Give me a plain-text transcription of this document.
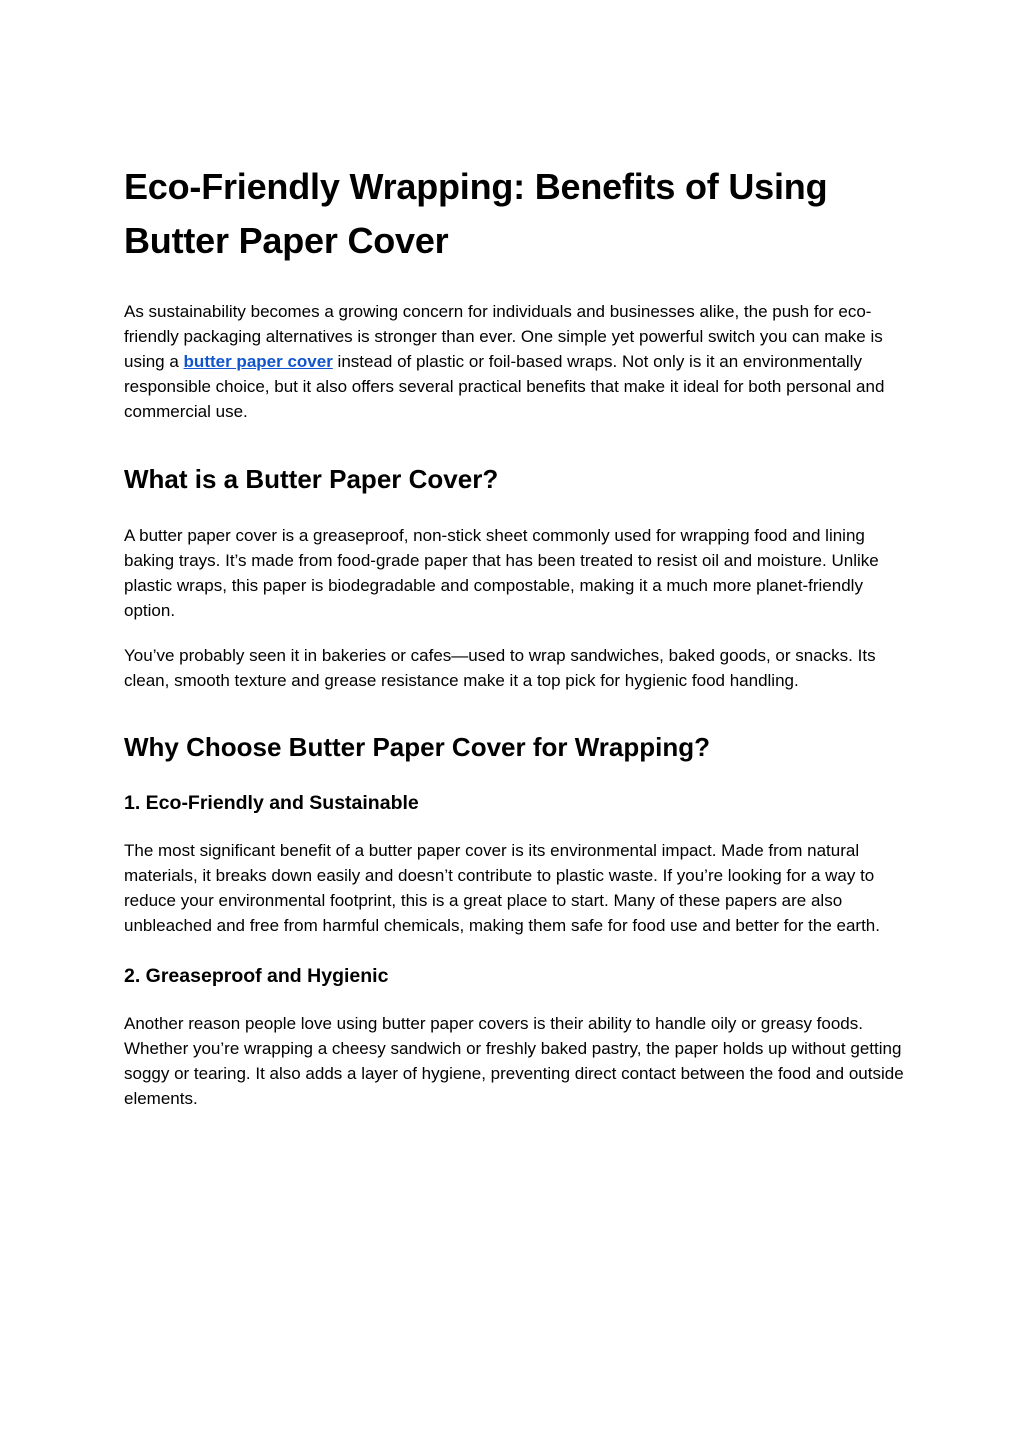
Eco-Friendly Wrapping: Benefits of Using Butter Paper Cover

As sustainability becomes a growing concern for individuals and businesses alike, the push for eco-friendly packaging alternatives is stronger than ever. One simple yet powerful switch you can make is using a butter paper cover instead of plastic or foil-based wraps. Not only is it an environmentally responsible choice, but it also offers several practical benefits that make it ideal for both personal and commercial use.

What is a Butter Paper Cover?

A butter paper cover is a greaseproof, non-stick sheet commonly used for wrapping food and lining baking trays. It’s made from food-grade paper that has been treated to resist oil and moisture. Unlike plastic wraps, this paper is biodegradable and compostable, making it a much more planet-friendly option.

You’ve probably seen it in bakeries or cafes—used to wrap sandwiches, baked goods, or snacks. Its clean, smooth texture and grease resistance make it a top pick for hygienic food handling.

Why Choose Butter Paper Cover for Wrapping?
1. Eco-Friendly and Sustainable

The most significant benefit of a butter paper cover is its environmental impact. Made from natural materials, it breaks down easily and doesn’t contribute to plastic waste. If you’re looking for a way to reduce your environmental footprint, this is a great place to start. Many of these papers are also unbleached and free from harmful chemicals, making them safe for food use and better for the earth.

2. Greaseproof and Hygienic

Another reason people love using butter paper covers is their ability to handle oily or greasy foods. Whether you’re wrapping a cheesy sandwich or freshly baked pastry, the paper holds up without getting soggy or tearing. It also adds a layer of hygiene, preventing direct contact between the food and outside elements.
